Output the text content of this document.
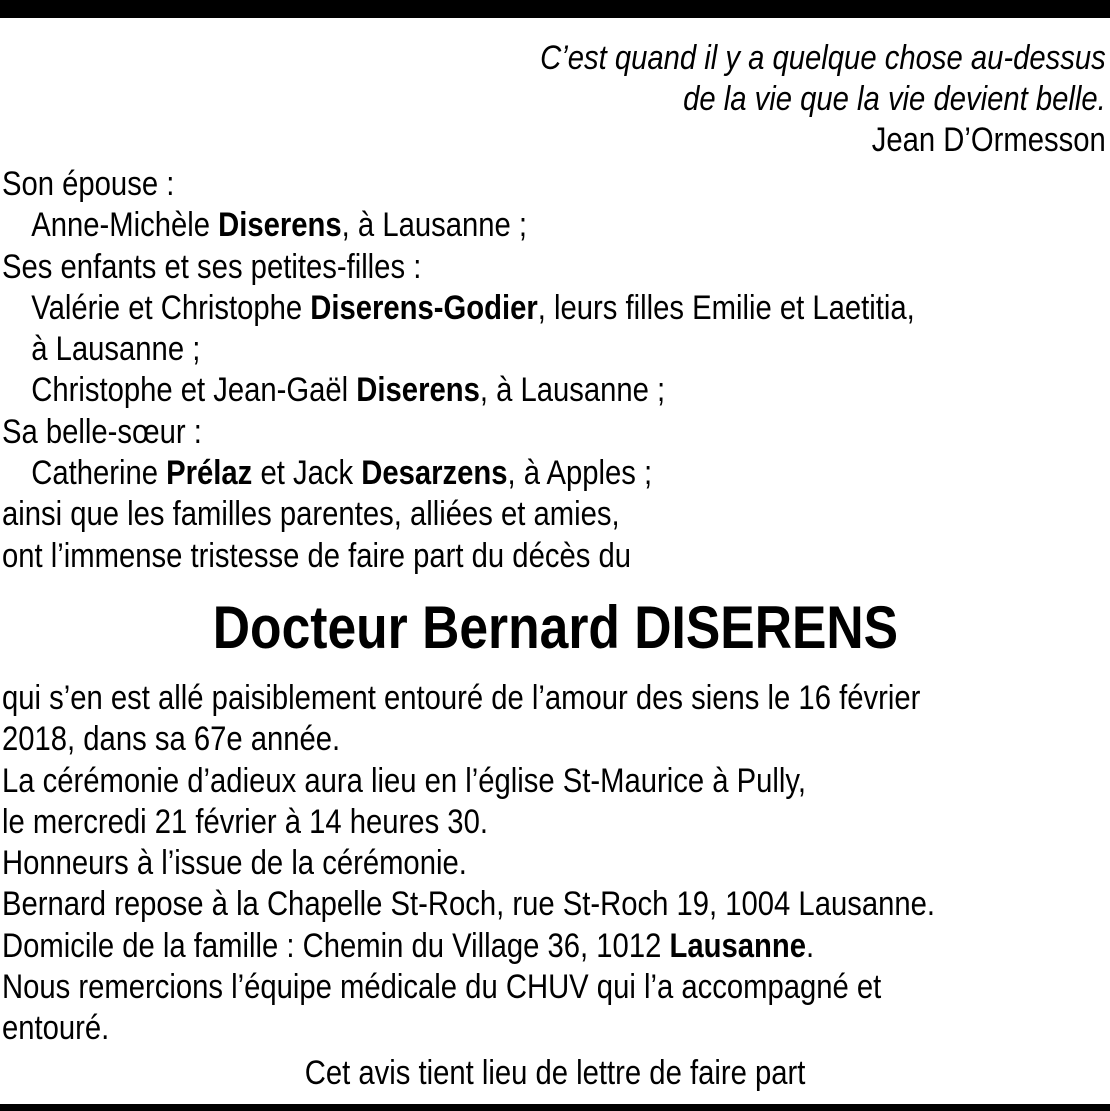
C’est quand il y a quelque chose au-dessus
de la vie que la vie devient belle.
Jean D’Ormesson
Son épouse :
Anne-Michèle Diserens, à Lausanne ;
Ses enfants et ses petites-filles :
Valérie et Christophe Diserens-Godier, leurs filles Emilie et Laetitia,
à Lausanne ;
Christophe et Jean-Gaël Diserens, à Lausanne ;
Sa belle-sœur :
Catherine Prélaz et Jack Desarzens, à Apples ;
ainsi que les familles parentes, alliées et amies,
ont l’immense tristesse de faire part du décès du
Docteur Bernard DISERENS
qui s’en est allé paisiblement entouré de l’amour des siens le 16 février
2018, dans sa 67e année.
La cérémonie d’adieux aura lieu en l’église St-Maurice à Pully,
le mercredi 21 février à 14 heures 30.
Honneurs à l’issue de la cérémonie.
Bernard repose à la Chapelle St-Roch, rue St-Roch 19, 1004 Lausanne.
Domicile de la famille : Chemin du Village 36, 1012 Lausanne.
Nous remercions l’équipe médicale du CHUV qui l’a accompagné et
entouré.
Cet avis tient lieu de lettre de faire part
